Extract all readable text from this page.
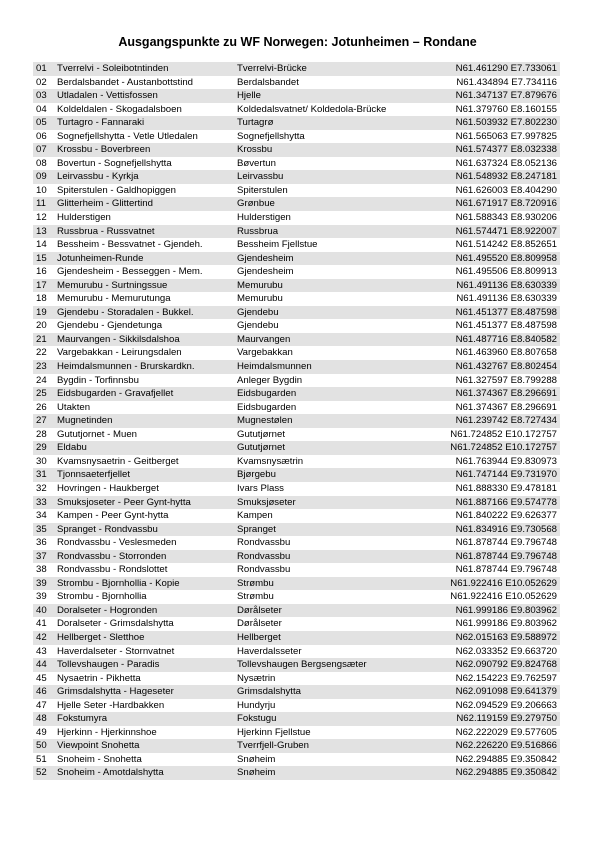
Ausgangspunkte zu WF Norwegen: Jotunheimen – Rondane
01 Tverrelvi - Soleibotntinden	Tverrelvi-Brücke	N61.461290 E7.733061
02 Berdalsbandet - Austanbottstind	Berdalsbandet	N61.434894 E7.734116
03 Utladalen - Vettisfossen	Hjelle	N61.347137 E7.879676
04 Koldeldalen - Skogadalsboen	Koldedalsvatnet/ Koldedola-Brücke	N61.379760 E8.160155
05 Turtagro - Fannaraki	Turtagrø	N61.503932 E7.802230
06 Sognefjellshytta - Vetle Utledalen	Sognefjellshytta	N61.565063 E7.997825
07 Krossbu - Boverbreen	Krossbu	N61.574377 E8.032338
08 Bovertun - Sognefjellshytta	Bøvertun	N61.637324 E8.052136
09 Leirvassbu - Kyrkja	Leirvassbu	N61.548932 E8.247181
10 Spiterstulen - Galdhopiggen	Spiterstulen	N61.626003 E8.404290
11 Glitterheim - Glittertind	Grønbue	N61.671917 E8.720916
12 Hulderstigen	Hulderstigen	N61.588343 E8.930206
13 Russbrua - Russvatnet	Russbrua	N61.574471 E8.922007
14 Bessheim - Bessvatnet - Gjendeh.	Bessheim Fjellstue	N61.514242 E8.852651
15 Jotunheimen-Runde	Gjendesheim	N61.495520 E8.809958
16 Gjendesheim - Besseggen - Mem.	Gjendesheim	N61.495506 E8.809913
17 Memurubu - Surtningssue	Memurubu	N61.491136 E8.630339
18 Memurubu - Memurutunga	Memurubu	N61.491136 E8.630339
19 Gjendebu - Storadalen - Bukkel.	Gjendebu	N61.451377 E8.487598
20 Gjendebu - Gjendetunga	Gjendebu	N61.451377 E8.487598
21 Maurvangen - Sikkilsdalshoa	Maurvangen	N61.487716 E8.840582
22 Vargebakkan - Leirungsdalen	Vargebakkan	N61.463960 E8.807658
23 Heimdalsmunnen - Brurskardkn.	Heimdalsmunnen	N61.432767 E8.802454
24 Bygdin - Torfinnsbu	Anleger Bygdin	N61.327597 E8.799288
25 Eidsbugarden - Gravafjellet	Eidsbugarden	N61.374367 E8.296691
26 Utakten	Eidsbugarden	N61.374367 E8.296691
27 Mugnetinden	Mugnestølen	N61.239742 E8.727434
28 Gututjornet - Muen	Gututjørnet	N61.724852 E10.172757
29 Eldabu	Gututjørnet	N61.724852 E10.172757
30 Kvamsnysaetrin - Geitberget	Kvamsnysætrin	N61.763944 E9.830973
31 Tjonnsaeterfjellet	Bjørgebu	N61.747144 E9.731970
32 Hovringen - Haukberget	Ivars Plass	N61.888330 E9.478181
33 Smuksjoseter - Peer Gynt-hytta	Smuksjøseter	N61.887166 E9.574778
34 Kampen - Peer Gynt-hytta	Kampen	N61.840222 E9.626377
35 Spranget - Rondvassbu	Spranget	N61.834916 E9.730568
36 Rondvassbu - Veslesmeden	Rondvassbu	N61.878744 E9.796748
37 Rondvassbu - Storronden	Rondvassbu	N61.878744 E9.796748
38 Rondvassbu - Rondslottet	Rondvassbu	N61.878744 E9.796748
39 Strombu - Bjornhollia - Kopie	Strømbu	N61.922416 E10.052629
39 Strombu - Bjornhollia	Strømbu	N61.922416 E10.052629
40 Doralseter - Hogronden	Dørålseter	N61.999186 E9.803962
41 Doralseter - Grimsdalshytta	Dørålseter	N61.999186 E9.803962
42 Hellberget - Sletthoe	Hellberget	N62.015163 E9.588972
43 Haverdalseter - Stornvatnet	Haverdalsseter	N62.033352 E9.663720
44 Tollevshaugen - Paradis	Tollevshaugen Bergsengsæter	N62.090792 E9.824768
45 Nysaetrin - Pikhetta	Nysætrin	N62.154223 E9.762597
46 Grimsdalshytta - Hageseter	Grimsdalshytta	N62.091098 E9.641379
47 Hjelle Seter -Hardbakken	Hundyrju	N62.094529 E9.206663
48 Fokstumyra	Fokstugu	N62.119159 E9.279750
49 Hjerkinn - Hjerkinnshoe	Hjerkinn Fjellstue	N62.222029 E9.577605
50 Viewpoint Snohetta	Tverrfjell-Gruben	N62.226220 E9.516866
51 Snoheim - Snohetta	Snøheim	N62.294885 E9.350842
52 Snoheim - Amotdalshytta	Snøheim	N62.294885 E9.350842
